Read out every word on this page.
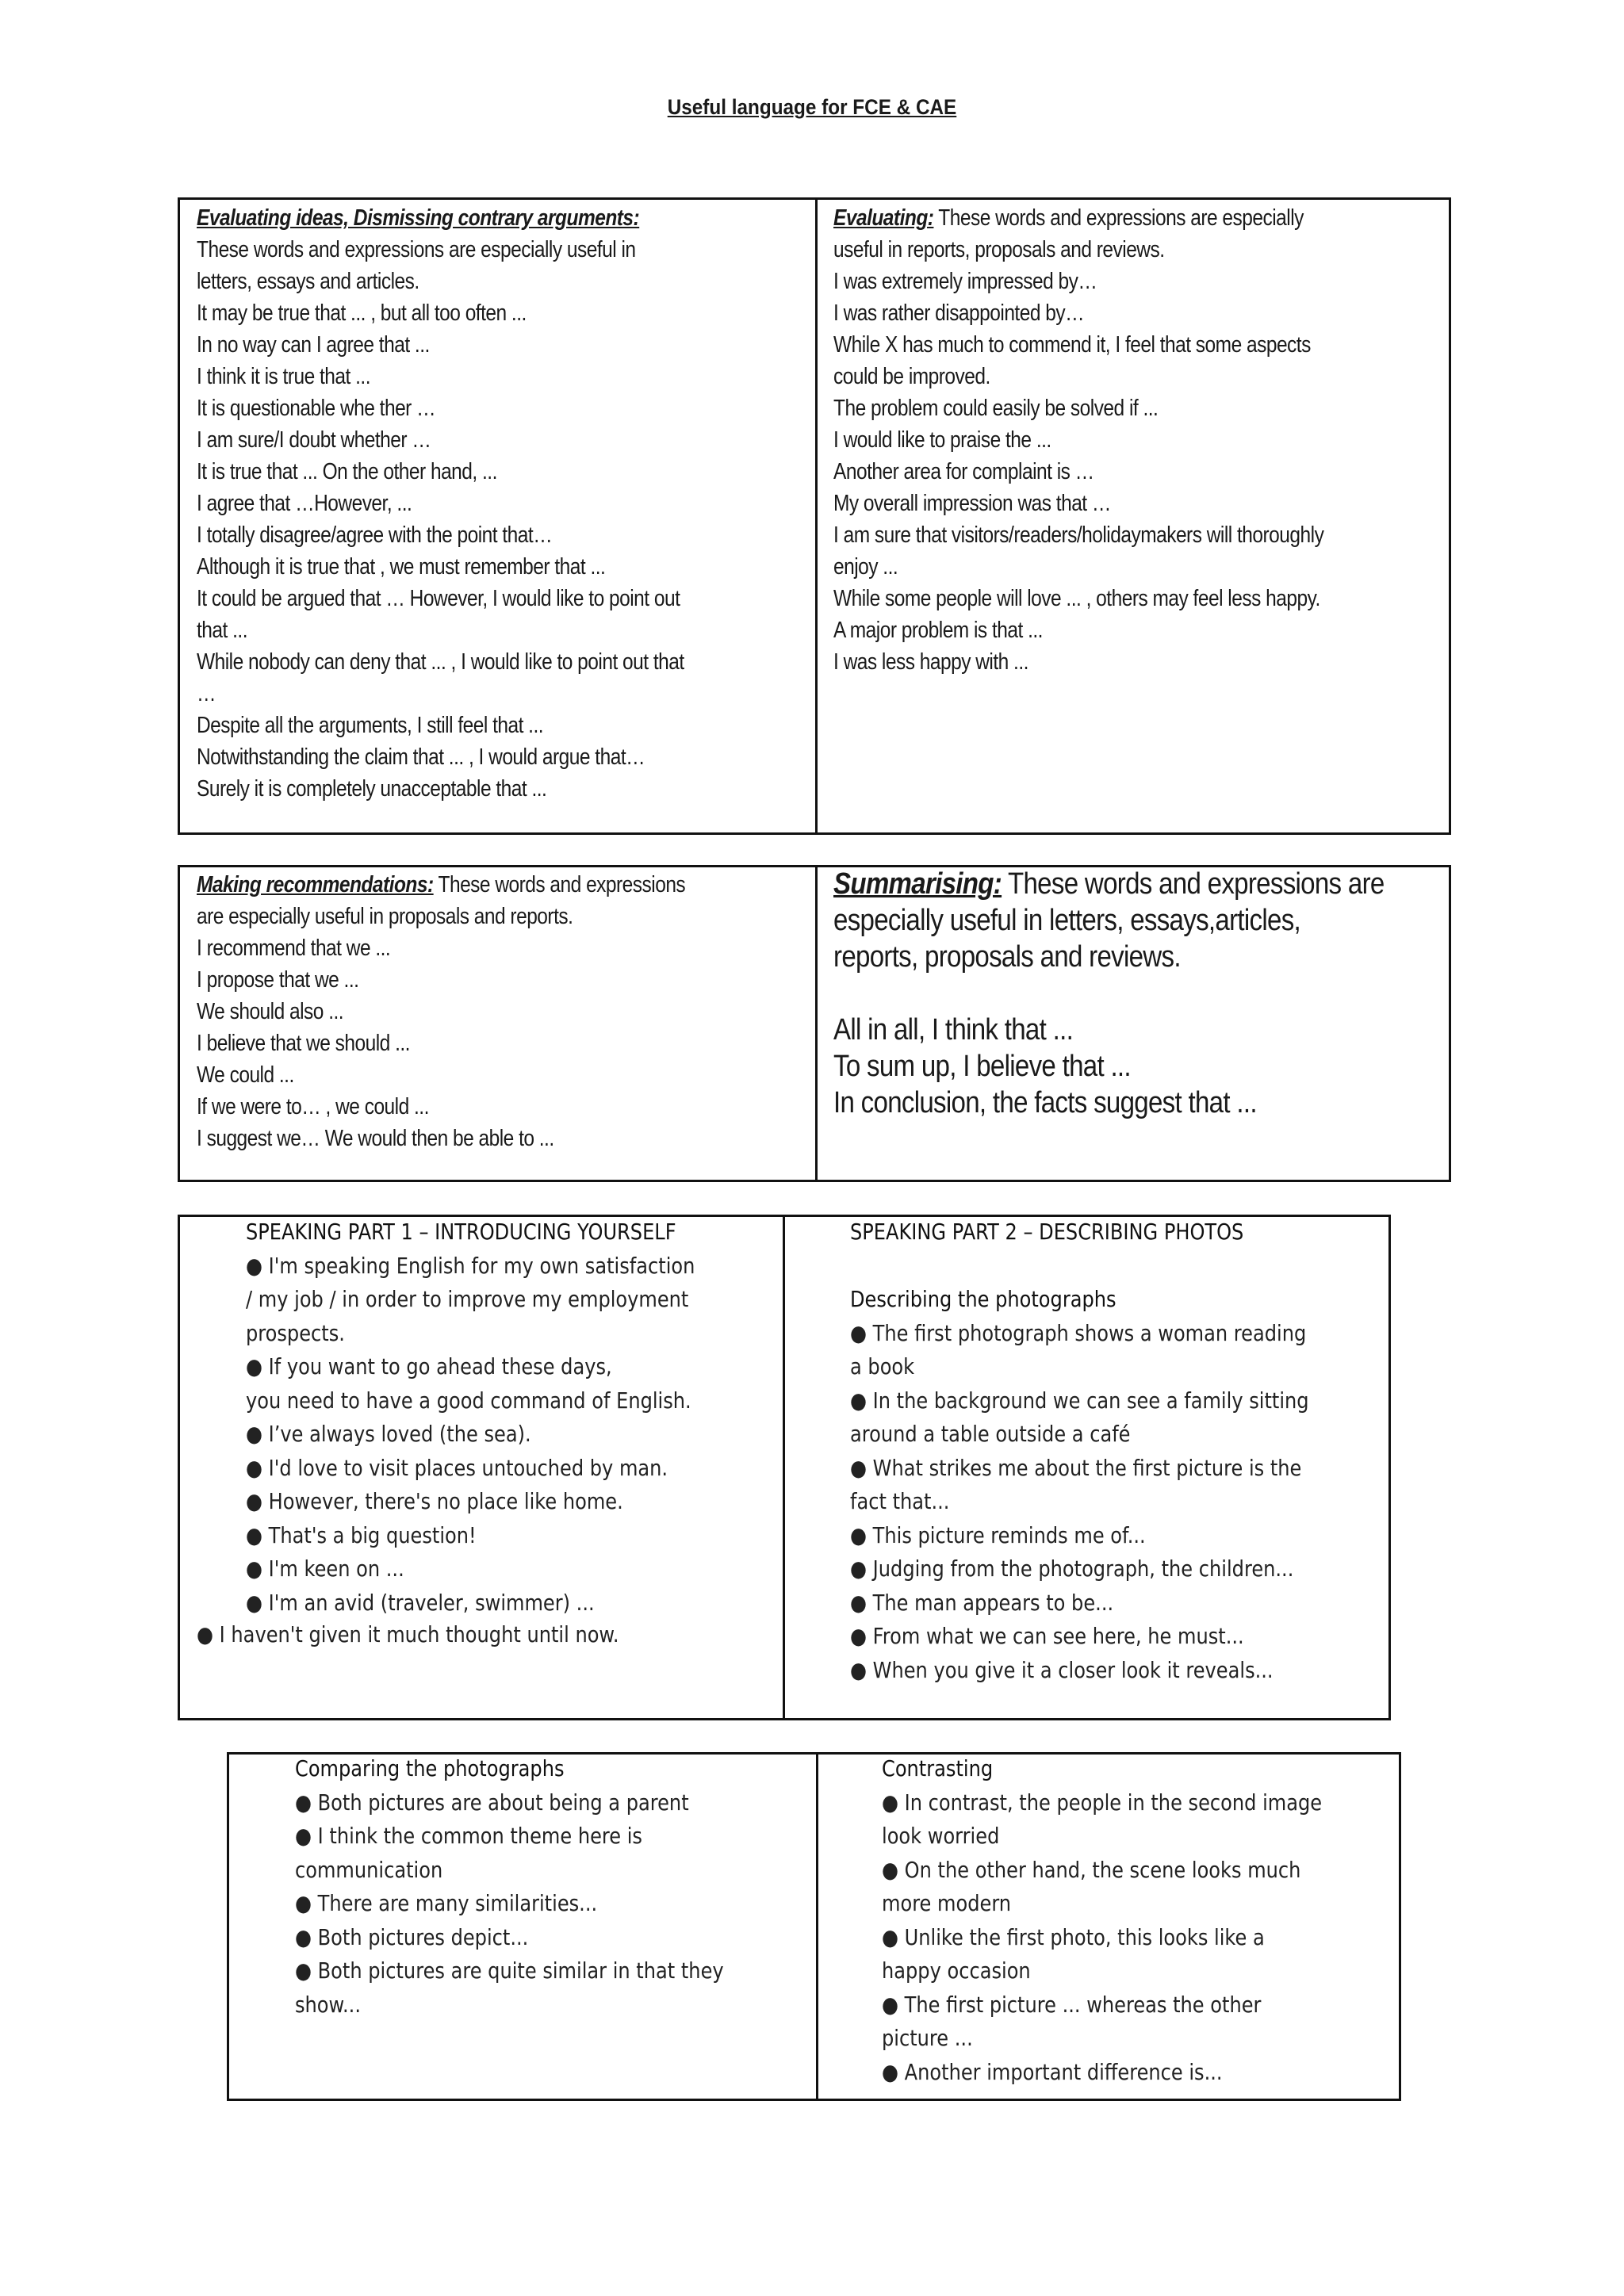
Useful language for FCE & CAE
Evaluating ideas, Dismissing contrary arguments:
These words and expressions are especially useful in
letters, essays and articles.
It may be true that ... , but all too often ...
In no way can I agree that ...
I think it is true that ...
It is questionable whe ther …
I am sure/I doubt whether …
It is true that ... On the other hand, ...
I agree that …However, ...
I totally disagree/agree with the point that…
Although it is true that , we must remember that ...
It could be argued that … However, I would like to point out
that ...
While nobody can deny that ... , I would like to point out that
…
Despite all the arguments, I still feel that ...
Notwithstanding the claim that ... , I would argue that…
Surely it is completely unacceptable that ...
Evaluating: These words and expressions are especially
useful in reports, proposals and reviews.
I was extremely impressed by…
I was rather disappointed by…
While X has much to commend it, I feel that some aspects
could be improved.
The problem could easily be solved if ...
I would like to praise the ...
Another area for complaint is …
My overall impression was that …
I am sure that visitors/readers/holidaymakers will thoroughly
enjoy ...
While some people will love ... , others may feel less happy.
A major problem is that ...
I was less happy with ...
Making recommendations: These words and expressions
are especially useful in proposals and reports.
I recommend that we ...
I propose that we ...
We should also ...
I believe that we should ...
We could ...
If we were to… , we could ...
I suggest we… We would then be able to ...
Summarising: These words and expressions are
especially useful in letters, essays,articles,
reports, proposals and reviews.
All in all, I think that ...
To sum up, I believe that ...
In conclusion, the facts suggest that ...
SPEAKING PART 1 – INTRODUCING YOURSELF
● I'm speaking English for my own satisfaction
/ my job / in order to improve my employment
prospects.
● If you want to go ahead these days,
you need to have a good command of English.
● I’ve always loved (the sea).
● I'd love to visit places untouched by man.
● However, there's no place like home.
● That's a big question!
● I'm keen on ...
● I'm an avid (traveler, swimmer) ...
● I haven't given it much thought until now.
SPEAKING PART 2 – DESCRIBING PHOTOS
Describing the photographs
● The first photograph shows a woman reading
a book
● In the background we can see a family sitting
around a table outside a café
● What strikes me about the first picture is the
fact that...
● This picture reminds me of...
● Judging from the photograph, the children...
● The man appears to be...
● From what we can see here, he must...
● When you give it a closer look it reveals...
Comparing the photographs
● Both pictures are about being a parent
● I think the common theme here is
communication
● There are many similarities...
● Both pictures depict...
● Both pictures are quite similar in that they
show...
Contrasting
● In contrast, the people in the second image
look worried
● On the other hand, the scene looks much
more modern
● Unlike the first photo, this looks like a
happy occasion
● The first picture ... whereas the other
picture ...
● Another important difference is...
